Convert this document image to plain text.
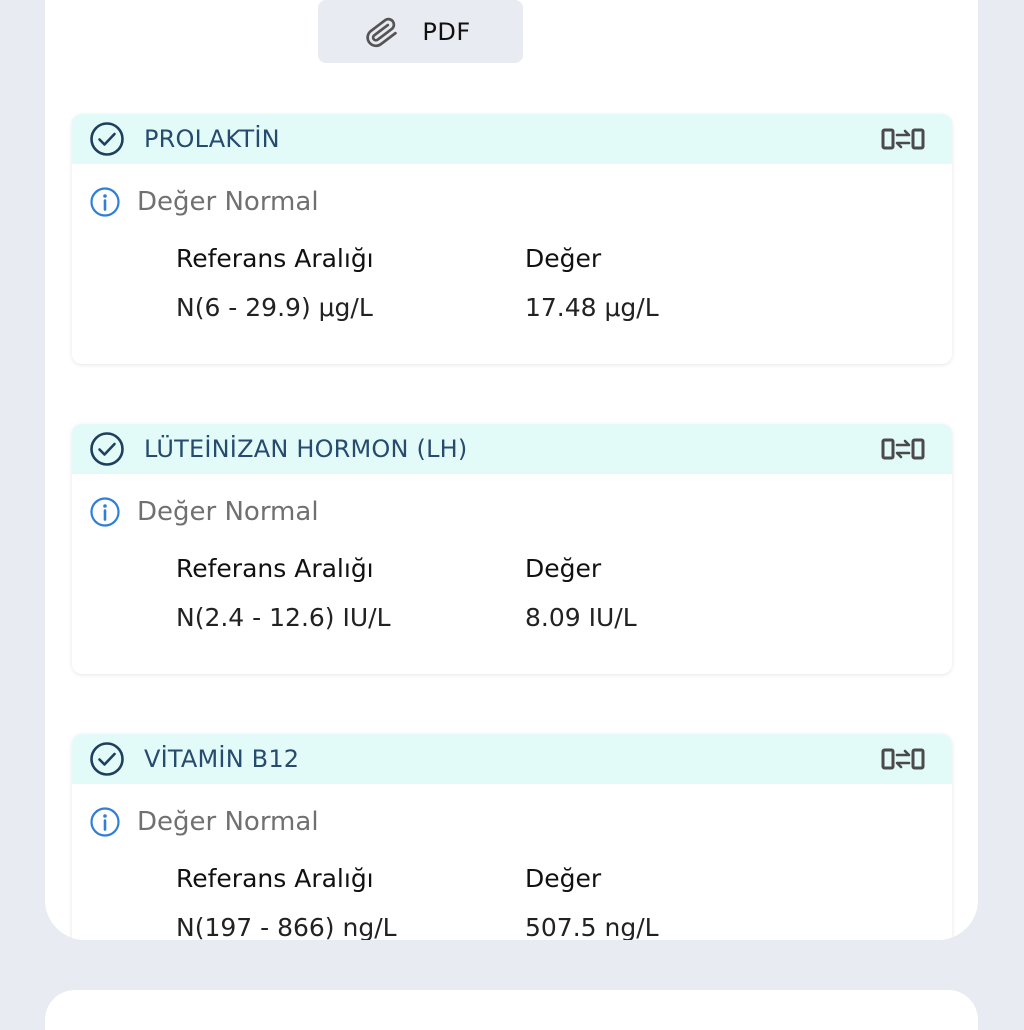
PDF
PROLAKTİN
Değer Normal
Referans Aralığı
N(6 - 29.9) μg/L
Değer
17.48 μg/L
LÜTEİNİZAN HORMON (LH)
Değer Normal
Referans Aralığı
N(2.4 - 12.6) IU/L
Değer
8.09 IU/L
VİTAMİN B12
Değer Normal
Referans Aralığı
N(197 - 866) ng/L
Değer
507.5 ng/L
